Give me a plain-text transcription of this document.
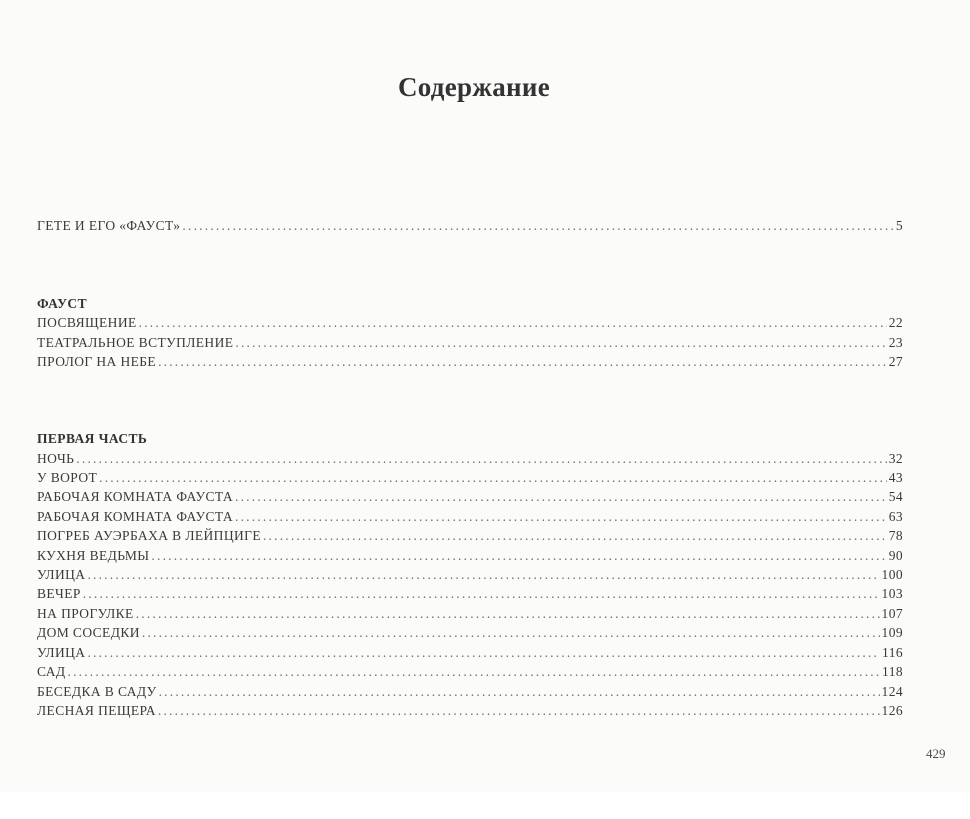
Содержание
ГЕТЕ И ЕГО «ФАУСТ» .....	5
ФАУСТ
ПОСВЯЩЕНИЕ .....	22
ТЕАТРАЛЬНОЕ ВСТУПЛЕНИЕ .....	23
ПРОЛОГ НА НЕБЕ .....	27
ПЕРВАЯ ЧАСТЬ
НОЧЬ .....	32
У ВОРОТ .....	43
РАБОЧАЯ КОМНАТА ФАУСТА .....	54
РАБОЧАЯ КОМНАТА ФАУСТА .....	63
ПОГРЕБ АУЭРБАХА В ЛЕЙПЦИГЕ .....	78
КУХНЯ ВЕДЬМЫ .....	90
УЛИЦА .....	100
ВЕЧЕР .....	103
НА ПРОГУЛКЕ .....	107
ДОМ СОСЕДКИ .....	109
УЛИЦА .....	116
САД .....	118
БЕСЕДКА В САДУ .....	124
ЛЕСНАЯ ПЕЩЕРА .....	126
429
